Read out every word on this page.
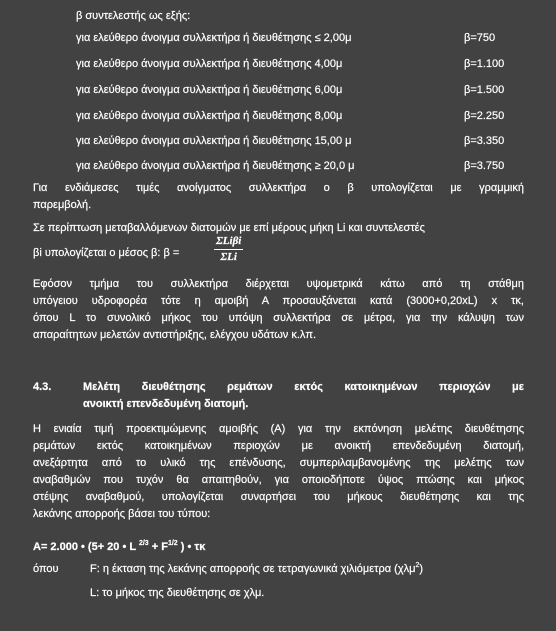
β συντελεστής ως εξής:
για ελεύθερο άνοιγμα συλλεκτήρα ή διευθέτησης ≤ 2,00μ	β=750
για ελεύθερο άνοιγμα συλλεκτήρα ή διευθέτησης 4,00μ	β=1.100
για ελεύθερο άνοιγμα συλλεκτήρα ή διευθέτησης 6,00μ	β=1.500
για ελεύθερο άνοιγμα συλλεκτήρα ή διευθέτησης 8,00μ	β=2.250
για ελεύθερο άνοιγμα συλλεκτήρα ή διευθέτησης 15,00 μ	β=3.350
για ελεύθερο άνοιγμα συλλεκτήρα ή διευθέτησης ≥ 20,0 μ	β=3.750
Για ενδιάμεσες τιμές ανοίγματος συλλεκτήρα ο β υπολογίζεται με γραμμική
παρεμβολή.
Σε περίπτωση μεταβαλλόμενων διατομών με επί μέρους μήκη Li και συντελεστές
βi υπολογίζεται ο μέσος β: β =
ΣLiβi
ΣLi
Εφόσον τμήμα του συλλεκτήρα διέρχεται υψομετρικά κάτω από τη στάθμη
υπόγειου υδροφορέα τότε η αμοιβή Α προσαυξάνεται κατά (3000+0,20xL) x τκ,
όπου L το συνολικό μήκος του υπόψη συλλεκτήρα σε μέτρα, για την κάλυψη των
απαραίτητων μελετών αντιστήριξης, ελέγχου υδάτων κ.λπ.
4.3.	Μελέτη διευθέτησης ρεμάτων εκτός κατοικημένων περιοχών με
ανοικτή επενδεδυμένη διατομή.
Η ενιαία τιμή προεκτιμώμενης αμοιβής (Α) για την εκπόνηση μελέτης διευθέτησης
ρεμάτων εκτός κατοικημένων περιοχών με ανοικτή επενδεδυμένη διατομή,
ανεξάρτητα από το υλικό της επένδυσης, συμπεριλαμβανομένης της μελέτης των
αναβαθμών που τυχόν θα απαιτηθούν, για οποιοδήποτε ύψος πτώσης και μήκος
στέψης αναβαθμού, υπολογίζεται συναρτήσει του μήκους διευθέτησης και της
λεκάνης απορροής βάσει του τύπου:
A= 2.000 • (5+ 20 • L $^{2/3} + F^{1/2}$ ) • τκ
όπου	F: η έκταση της λεκάνης απορροής σε τετραγωνικά χιλιόμετρα (χλμ$^2$)
L: το μήκος της διευθέτησης σε χλμ.
